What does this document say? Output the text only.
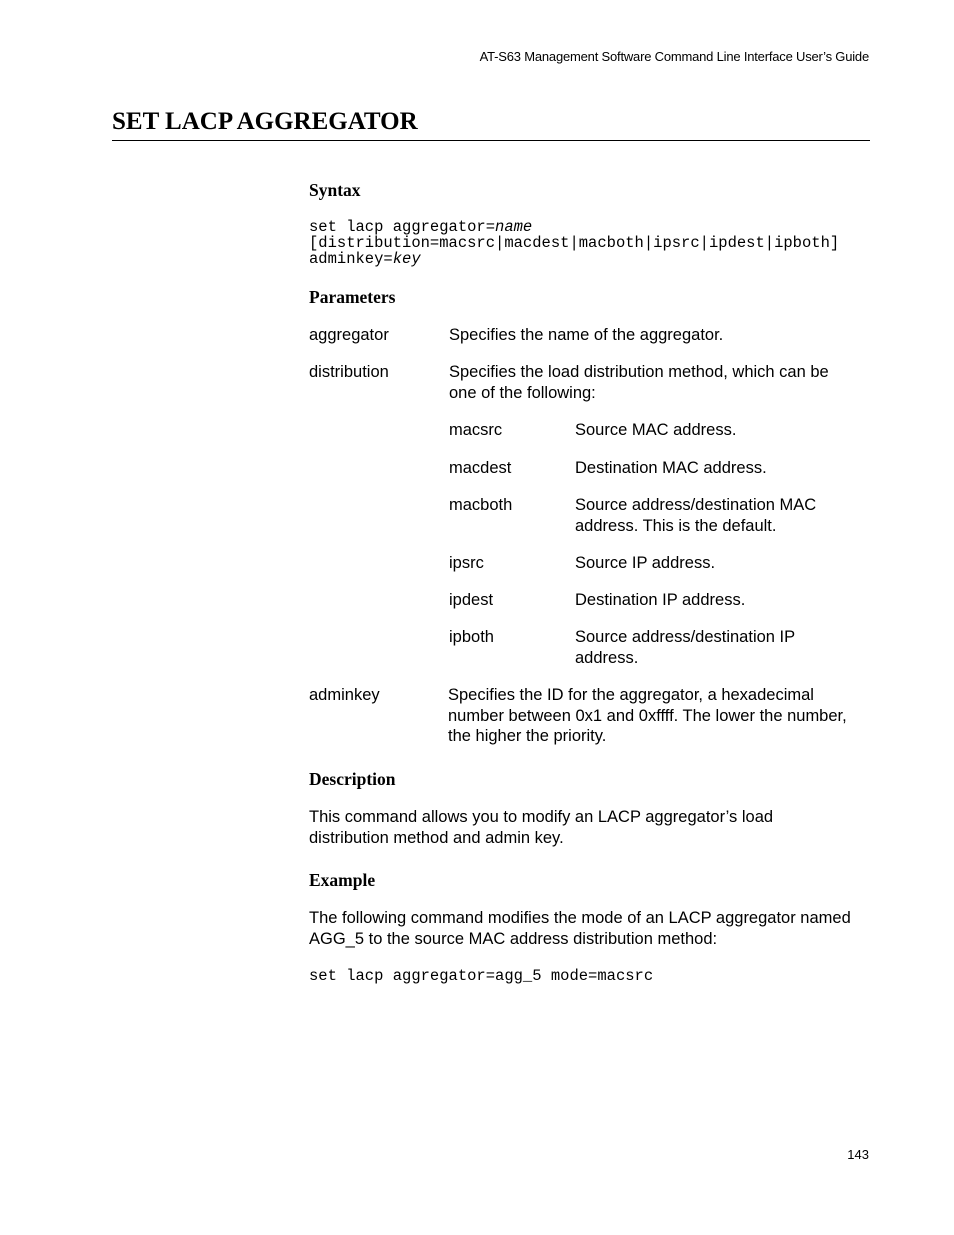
AT-S63 Management Software Command Line Interface User’s Guide
SET LACP AGGREGATOR
Syntax
set lacp aggregator=name
[distribution=macsrc|macdest|macboth|ipsrc|ipdest|ipboth]
adminkey=key
Parameters
aggregator	Specifies the name of the aggregator.
distribution	Specifies the load distribution method, which can be one of the following:
macsrc	Source MAC address.
macdest	Destination MAC address.
macboth	Source address/destination MAC address. This is the default.
ipsrc	Source IP address.
ipdest	Destination IP address.
ipboth	Source address/destination IP address.
adminkey	Specifies the ID for the aggregator, a hexadecimal number between 0x1 and 0xffff. The lower the number, the higher the priority.
Description
This command allows you to modify an LACP aggregator’s load distribution method and admin key.
Example
The following command modifies the mode of an LACP aggregator named AGG_5 to the source MAC address distribution method:
set lacp aggregator=agg_5 mode=macsrc
143
